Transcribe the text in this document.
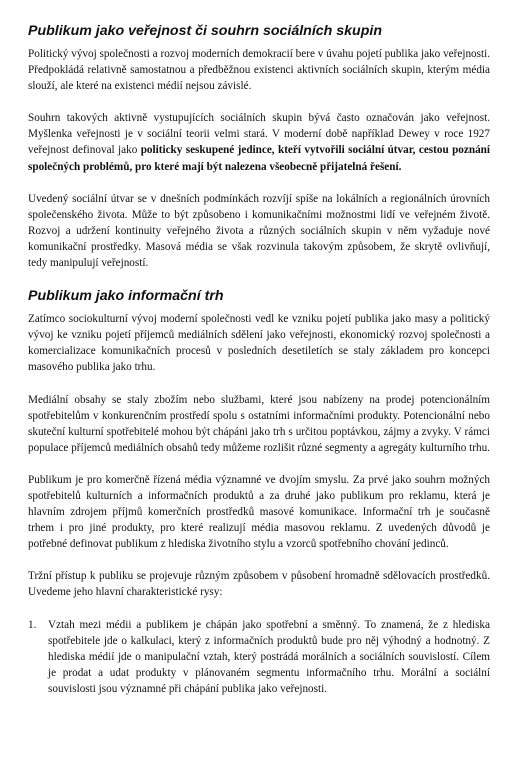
Publikum jako veřejnost či souhrn sociálních skupin

Politický vývoj společnosti a rozvoj moderních demokracií bere v úvahu pojetí publika jako veřejnosti. Předpokládá relativně samostatnou a předběžnou existenci aktivních sociálních skupin, kterým média slouží, ale které na existenci médií nejsou závislé.

Souhrn takových aktivně vystupujících sociálních skupin bývá často označován jako veřejnost. Myšlenka veřejnosti je v sociální teorii velmi stará. V moderní době například Dewey v roce 1927 veřejnost definoval jako politicky seskupené jedince, kteří vytvořili sociální útvar, cestou poznání společných problémů, pro které mají být nalezena všeobecně přijatelná řešení.

Uvedený sociální útvar se v dnešních podmínkách rozvíjí spíše na lokálních a regionálních úrovních společenského života. Může to být způsobeno i komunikačními možnostmi lidí ve veřejném životě. Rozvoj a udržení kontinuity veřejného života a různých sociálních skupin v něm vyžaduje nové komunikační prostředky. Masová média se však rozvinula takovým způsobem, že skrytě ovlivňují, tedy manipulují veřejností.

Publikum jako informační trh

Zatímco sociokulturní vývoj moderní společnosti vedl ke vzniku pojetí publika jako masy a politický vývoj ke vzniku pojetí příjemců mediálních sdělení jako veřejnosti, ekonomický rozvoj společnosti a komercializace komunikačních procesů v posledních desetiletích se staly základem pro koncepci masového publika jako trhu.

Mediální obsahy se staly zbožím nebo službami, které jsou nabízeny na prodej potencionálním spotřebitelům v konkurenčním prostředí spolu s ostatními informačními produkty. Potencionální nebo skuteční kulturní spotřebitelé mohou být chápáni jako trh s určitou poptávkou, zájmy a zvyky. V rámci populace příjemců mediálních obsahů tedy můžeme rozlišit různé segmenty a agregáty kulturního trhu.

Publikum je pro komerčně řízená média významné ve dvojím smyslu. Za prvé jako souhrn možných spotřebitelů kulturních a informačních produktů a za druhé jako publikum pro reklamu, která je hlavním zdrojem příjmů komerčních prostředků masové komunikace. Informační trh je současně trhem i pro jiné produkty, pro které realizují média masovou reklamu. Z uvedených důvodů je potřebné definovat publikum z hlediska životního stylu a vzorců spotřebního chování jedinců.

Tržní přístup k publiku se projevuje různým způsobem v působení hromadně sdělovacích prostředků. Uvedeme jeho hlavní charakteristické rysy:

1. Vztah mezi médii a publikem je chápán jako spotřební a směnný. To znamená, že z hlediska spotřebitele jde o kalkulaci, který z informačních produktů bude pro něj výhodný a hodnotný. Z hlediska médií jde o manipulační vztah, který postrádá morálních a sociálních souvislostí. Cílem je prodat a udat produkty v plánovaném segmentu informačního trhu. Morální a sociální souvislosti jsou významné při chápání publika jako veřejnosti.
